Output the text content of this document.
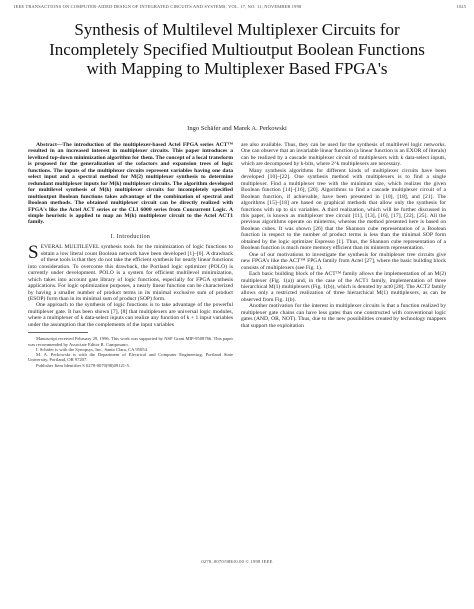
IEEE TRANSACTIONS ON COMPUTER-AIDED DESIGN OF INTEGRATED CIRCUITS AND SYSTEMS, VOL. 17, NO. 11, NOVEMBER 1998	1025
Synthesis of Multilevel Multiplexer Circuits for Incompletely Specified Multioutput Boolean Functions with Mapping to Multiplexer Based FPGA's
Ingo Schäfer and Marek A. Perkowski

Abstract—The introduction of the multiplexer-based Actel FPGA series ACT™ resulted in an increased interest in multiplexer circuits. This paper introduces a levelized top-down minimization algorithm for them. The concept of a local transform is proposed for the generalization of the cofactors and expansion trees of logic functions. The inputs of the multiplexer circuits represent variables having one data select input and a spectral method for M(2) multiplexer synthesis to determine redundant multiplexer inputs for M(k) multiplexer circuits. The algorithm developed for multilevel synthesis of M(k) multiplexer circuits for incompletely specified multioutput Boolean functions takes advantage of the combination of spectral and Boolean methods. The obtained multiplexer circuit can be directly realized with FPGA's like the Actel ACT series or the CLI 6000 series from Concurrent Logic. A simple heuristic is applied to map an M(k) multiplexer circuit to the Actel ACT1 family.

I. Introduction

S EVERAL MULTILEVEL synthesis tools for the minimization of logic functions to obtain a low literal count Boolean network have been developed [1]–[6]. A drawback of these tools is that they do not take the efficient synthesis for nearly linear functions into consideration. To overcome this drawback, the Portland logic optimizer (POLO) is currently under development. POLO is a system for efficient multilevel minimization, which takes into account gate library of logic functions, especially for FPGA synthesis applications. For logic optimization purposes, a nearly linear function can be characterized by having a smaller number of product terms in its minimal exclusive sum of product (ESOP) form than in its minimal sum of product (SOP) form.

One approach to the synthesis of logic functions is to take advantage of the powerful multiplexer gate. It has been shown [7], [8] that multiplexers are universal logic modules, where a multiplexer of k data-select inputs can realize any function of k + 1 input variables under the assumption that the complements of the input variables

Manuscript received February 29, 1996. This work was supported by NSF Grant MIP-9508766. This paper was recommended by Associate Editor R. Camposano.

I. Schäfer is with the Synopsys, Inc., Santa Clara, CA 95054.

M. A. Perkowski is with the Department of Electrical and Computer Engineering, Portland State University, Portland, OR 97207.

Publisher Item Identifier S 0278-0070(98)09121-5.

are also available. Thus, they can be used for the synthesis of multilevel logic networks. One can observe that an invariable linear function (a linear function is an EXOR of literals) can be realized by a cascade multiplexer circuit of multiplexers with k data-select inputs, which are decomposed by k-bits, where 2^k multiplexers are necessary.

Many synthesis algorithms for different kinds of multiplexer circuits have been developed [10]–[22]. One synthesis method with multiplexers is to find a single multiplexer. Find a multiplexer tree with the minimum size, which realizes the given Boolean function [14]–[16], [20]. Algorithms to find a cascade multiplexer circuit of a Boolean function, if achievable, have been presented in [10], [18], and [21]. The algorithms [15]–[18] are based on graphical methods that allow only the synthesis for functions with up to six variables. A third realization, which will be further discussed in this paper, is known as multiplexer tree circuit [11], [13], [16], [17], [22], [25]. All the previous algorithms operate on minterms, whereas the method presented here is based on Boolean cubes. It was shown [26] that the Shannon cube representation of a Boolean function in respect to the number of product terms is less than the minimal SOP form obtained by the logic optimizer Espresso [1]. Thus, the Shannon cube representation of a Boolean function is much more memory efficient than its minterm representation.

One of our motivations to investigate the synthesis for multiplexer tree circuits give new FPGA's like the ACT™ FPGA family from Actel [27], where the basic building block consists of multiplexers (see Fig. 1).

Each basic building block of the ACT™ family allows the implementation of an M(2) multiplexer (Fig. 1(a)) and, in the case of the ACT1 family, implementation of three hierarchical M(1) multiplexers (Fig. 1(b)), which is denoted by act0 [28]. The ACT2 family allows only a restricted realization of three hierarchical M(1) multiplexers, as can be observed from Fig. 1(b).

Another motivation for the interest in multiplexer circuits is that a function realized by multiplexer gate chains can have less gates than one constructed with conventional logic gates (AND, OR, NOT). Thus, due to the new possibilities created by technology mappers that support the exploitation

0278–0070/98$10.00 © 1998 IEEE
